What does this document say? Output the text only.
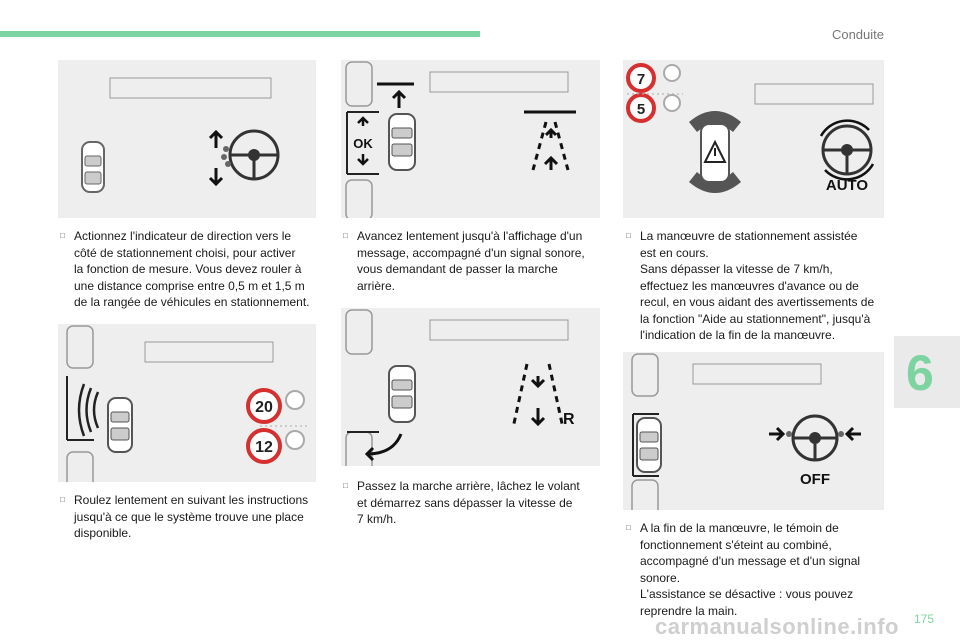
Conduite
6
20
12
OK
R
7
5
AUTO
OFF
□ Actionnez l'indicateur de direction vers le
côté de stationnement choisi, pour activer
la fonction de mesure. Vous devez rouler à
une distance comprise entre 0,5 m et 1,5 m
de la rangée de véhicules en stationnement.
□ Roulez lentement en suivant les instructions
jusqu'à ce que le système trouve une place
disponible.
□ Avancez lentement jusqu'à l'affichage d'un
message, accompagné d'un signal sonore,
vous demandant de passer la marche
arrière.
□ Passez la marche arrière, lâchez le volant
et démarrez sans dépasser la vitesse de
7 km/h.
□ La manœuvre de stationnement assistée
est en cours.
Sans dépasser la vitesse de 7 km/h,
effectuez les manœuvres d'avance ou de
recul, en vous aidant des avertissements de
la fonction "Aide au stationnement", jusqu'à
l'indication de la fin de la manœuvre.
□ A la fin de la manœuvre, le témoin de
fonctionnement s'éteint au combiné,
accompagné d'un message et d'un signal
sonore.
L'assistance se désactive : vous pouvez
reprendre la main.
carmanualsonline.info 175
